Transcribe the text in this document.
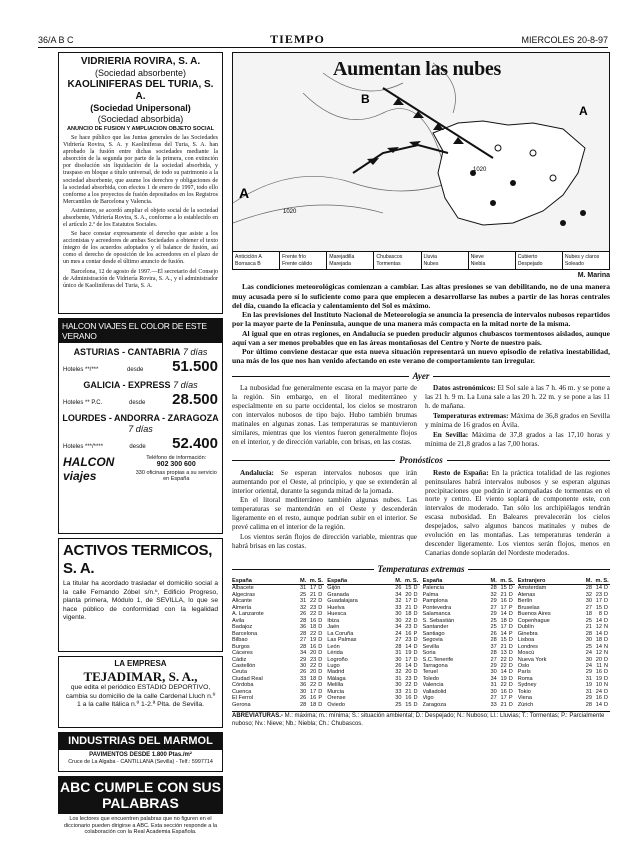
36/A B C	TIEMPO	MIERCOLES 20-8-97
VIDRIERIA ROVIRA, S. A.
(Sociedad absorbente)
KAOLINIFERAS DEL TURIA, S. A.
(Sociedad Unipersonal)
(Sociedad absorbida)
ANUNCIO DE FUSION Y AMPLIACION OBJETO SOCIAL

Se hace público que las Juntas generales de las Sociedades Vidriería Rovira, S. A. y Kaoliniferas del Turia, S. A. han aprobado la fusión entre dichas sociedades mediante la absorción de la segunda por parte de la primera, con extinción por disolución sin liquidación de la sociedad absorbida, y traspaso en bloque a título universal, de todo su patrimonio a la sociedad absorbente, que asume los derechos y obligaciones de la sociedad absorbida, con efectos 1 de enero de 1997, todo ello conforme a los proyectos de fusión depositados en los Registros Mercantiles de Barcelona y Valencia.

Asimismo, se acordó ampliar el objeto social de la sociedad absorbente, Vidriería Rovira, S. A., conforme a lo establecido en el artículo 2.º de los Estatutos Sociales.

Se hace constar expresamente el derecho que asiste a los accionistas y acreedores de ambas Sociedades a obtener el texto íntegro de los acuerdos adoptados y el balance de fusión, así como el derecho de oposición de los acreedores en el plazo de un mes a contar desde el último anuncio de fusión.

Barcelona, 12 de agosto de 1997.—El secretario del Consejo de Administración de Vidriería Rovira, S. A., y el administrador único de Kaoliniferas del Turia, S. A.

HALCON VIAJES EL COLOR DE ESTE VERANO
ASTURIAS - CANTABRIA 7 días
Hoteles **/***	desde 51.500
GALICIA - EXPRESS 7 días
Hoteles ** P.C.	desde 28.500
LOURDES - ANDORRA - ZARAGOZA 7 días
Hoteles ***/****	desde 52.400
HALCON viajes
Teléfono de información:
902 300 600
330 oficinas propias a su servicio en España
ACTIVOS TERMICOS, S. A.

La titular ha acordado trasladar el domicilio social a la calle Fernando Zóbel s/n.º, Edificio Progreso, planta primera, Módulo 1, de SEVILLA, lo que se hace público de conformidad con la legalidad vigente.

LA EMPRESA
TEJADIMAR, S. A.,

que edita el periódico ESTADIO DEPORTIVO, cambia su domicilio de la calle Cardenal Lluch n.º 1 a la calle Itálica n.º 1-2.ª Plta. de Sevilla.

INDUSTRIAS DEL MARMOL
PAVIMENTOS DESDE 1.800 Ptas./m²
Cruce de La Algaba - CANTILLANA (Sevilla) - Telf.: 5997714
ABC CUMPLE CON SUS PALABRAS

Los lectores que encuentren palabras que no figuren en el diccionario pueden dirigirse a ABC. Esta sección responde a la colaboración con la Real Academia Española.

A
B
A
1020
1020
Aumentan las nubes
Anticiclón A
Borrasca B
Frente frío
Frente cálido
Marejadilla
Marejada
Chubascos
Tormentas
Lluvia
Nubes
Nieve
Niebla
Cubierto
Despejado
Nubes y claros
Soleado
M. Marina

Las condiciones meteorológicas comienzan a cambiar. Las altas presiones se van debilitando, no de una manera muy acusada pero sí lo suficiente como para que empiecen a desarrollarse las nubes a partir de las horas centrales del día, cuando la eficacia y calentamiento del Sol es máximo.

En las previsiones del Instituto Nacional de Meteorología se anuncia la presencia de intervalos nubosos repartidos por la mayor parte de la Península, aunque de una manera más compacta en la mitad norte de la misma.

Al igual que en otras regiones, en Andalucía se pueden producir algunos chubascos tormentosos aislados, aunque aquí van a ser menos probables que en las áreas montañosas del Centro y Norte de nuestro país.

Por último conviene destacar que esta nueva situación representará un nuevo episodio de relativa inestabilidad, una más de los que nos han venido afectando en este verano de comportamiento tan irregular.

Ayer

La nubosidad fue generalmente escasa en la mayor parte de la región. Sin embargo, en el litoral mediterráneo y especialmente en su parte occidental, los cielos se mostraron con intervalos nubosos de tipo bajo. Hubo también brumas matinales en algunas zonas. Las temperaturas se mantuvieron similares, mientras que los vientos fueron generalmente flojos en el interior, y de dirección variable, con brisas, en las costas.

Datos astronómicos: El Sol sale a las 7 h. 46 m. y se pone a las 21 h. 9 m. La Luna sale a las 20 h. 22 m. y se pone a las 11 h. de mañana.

Temperaturas extremas: Máxima de 36,8 grados en Sevilla y mínima de 16 grados en Ávila.

En Sevilla: Máxima de 37,8 grados a las 17,10 horas y mínima de 21,8 grados a las 7,00 horas.

Pronósticos

Andalucía: Se esperan intervalos nubosos que irán aumentando por el Oeste, al principio, y que se extenderán al interior oriental, durante la segunda mitad de la jornada.

En el litoral mediterráneo también algunas nubes. Las temperaturas se mantendrán en el Oeste y descenderán ligeramente en el resto, aunque podrían subir en el interior. Se prevé calima en el interior de la región.

Los vientos serán flojos de dirección variable, mientras que habrá brisas en las costas.

Resto de España: En la práctica totalidad de las regiones peninsulares habrá intervalos nubosos y se esperan algunas precipitaciones que podrán ir acompañadas de tormentas en el norte y centro. El viento soplará de componente este, con intervalos de moderado. Tan sólo los archipiélagos tendrán escasa nubosidad. En Baleares prevalecerán los cielos despejados, salvo algunos bancos matinales y nubes de evolución en las montañas. Las temperaturas tenderán a descender ligeramente. Los vientos serán flojos, menos en Canarias donde soplarán del Nordeste moderados.

Temperaturas extremas
España	M. m. S.
Albacete	31 17 D
Algeciras	25 21 D
Alicante	31 22 D
Almería	32 23 D
A. Lanzarote	26 22 D
Ávila	28 16 D
Badajoz	36 18 D
Barcelona	28 22 D
Bilbao	27 19 D
Burgos	28 16 D
Cáceres	34 20 D
Cádiz	29 23 D
Castellón	30 22 D
Ceuta	26 20 D
Ciudad Real	33 18 D
Córdoba	36 22 D
Cuenca	30 17 D
El Ferrol	26 16 P
Gerona	28 18 D
España	M. m. S.
Gijón	26 15 D
Granada	34 20 D
Guadalajara	32 17 D
Huelva	33 21 D
Huesca	30 18 D
Ibiza	30 22 D
Jaén	34 23 D
La Coruña	24 16 P
Las Palmas	27 23 D
León	28 14 D
Lérida	31 19 D
Logroño	30 17 D
Lugo	26 14 D
Madrid	32 20 D
Málaga	31 23 D
Melilla	30 22 D
Murcia	33 21 D
Orense	30 16 D
Oviedo	25 15 D
España	M. m. S.
Palencia	28 15 D
Palma	32 21 D
Pamplona	29 16 D
Pontevedra	27 17 P
Salamanca	29 14 D
S. Sebastián	25 18 D
Santander	25 17 D
Santiago	26 14 P
Segovia	28 15 D
Sevilla	37 21 D
Soria	28 13 D
S.C.Tenerife	27 22 D
Tarragona	29 22 D
Teruel	30 14 D
Toledo	34 19 D
Valencia	31 22 D
Valladolid	30 16 D
Vigo	27 17 P
Zaragoza	33 21 D
Extranjero	M. m. S.
Amsterdam	28 14 D
Atenas	32 23 D
Berlín	30 17 D
Bruselas	27 15 D
Buenos Aires	18	8 D
Copenhague	25 14 D
Dublín	21 12 N
Ginebra	28 14 D
Lisboa	30 18 D
Londres	25 14 N
Moscú	24 12 N
Nueva York	30 20 D
Oslo	24 11 N
París	29 16 D
Roma	31 19 D
Sydney	19 10 N
Tokio	31 24 D
Viena	29 16 D
Zúrich	28 14 D
ABREVIATURAS.- M.: máxima; m.: mínima; S.: situación ambiental; D.: Despejado; N.: Nuboso; Ll.: Lluvias; T.: Tormentas; P.: Parcialmente nuboso; Nv.: Nieve; Nb.: Niebla; Ch.: Chubascos.
